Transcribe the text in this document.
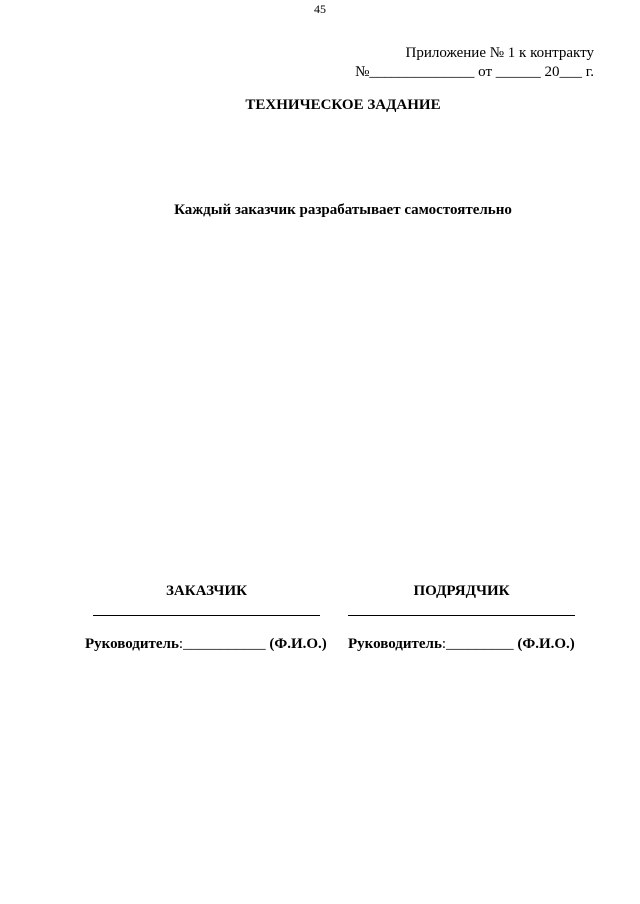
45
Приложение № 1 к контракту
№______________ от ______ 20___ г.
ТЕХНИЧЕСКОЕ ЗАДАНИЕ
Каждый заказчик разрабатывает самостоятельно
ЗАКАЗЧИК	ПОДРЯДЧИК
Руководитель:___________ (Ф.И.О.) Руководитель:_________ (Ф.И.О.)
